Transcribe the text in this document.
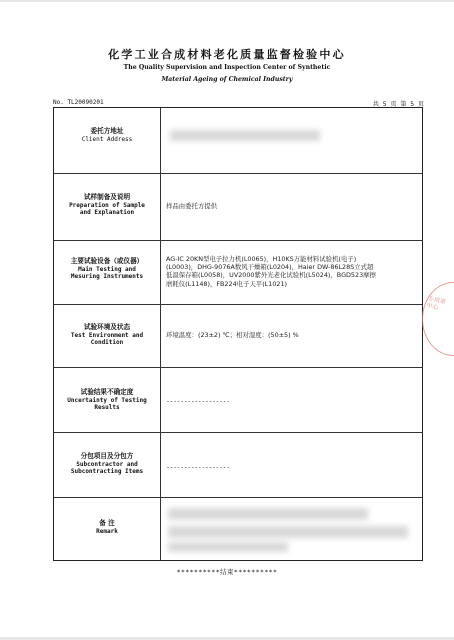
化学工业合成材料老化质量监督检验中心
The Quality Supervision and Inspection Center of Synthetic
Material Ageing of Chemical Industry
No. TL20090201	共 5 页 第 5 页
委托方地址
Client Address
试样制备及说明
Preparation of Sample
and Explanation
样品由委托方提供
主要试验设备（或仪器）
Main Testing and
Mesuring Instruments
AG-IC 20KN型电子拉力机(L0065)，H10KS万能材料试验机(电子)
(L0003)，DHG-9076A数风干燥箱(L0204)，Haier DW-86L28S立式超
低温保存箱(L0058)，UV2000紫外光老化试验机(L5024)，BGD523摩擦
磨耗仪(L1148)，FB224电子天平(L1021)
试验环境及状态
Test Environment and
Condition
环境温度：(23±2) ℃；相对湿度：(50±5) %
试验结果不确定度
Uncertainty of Testing
Results
------------------
分包项目及分包方
Subcontractor and
Subcontracting Items
------------------
备 注
Remark
专用章中心
**********结束**********
